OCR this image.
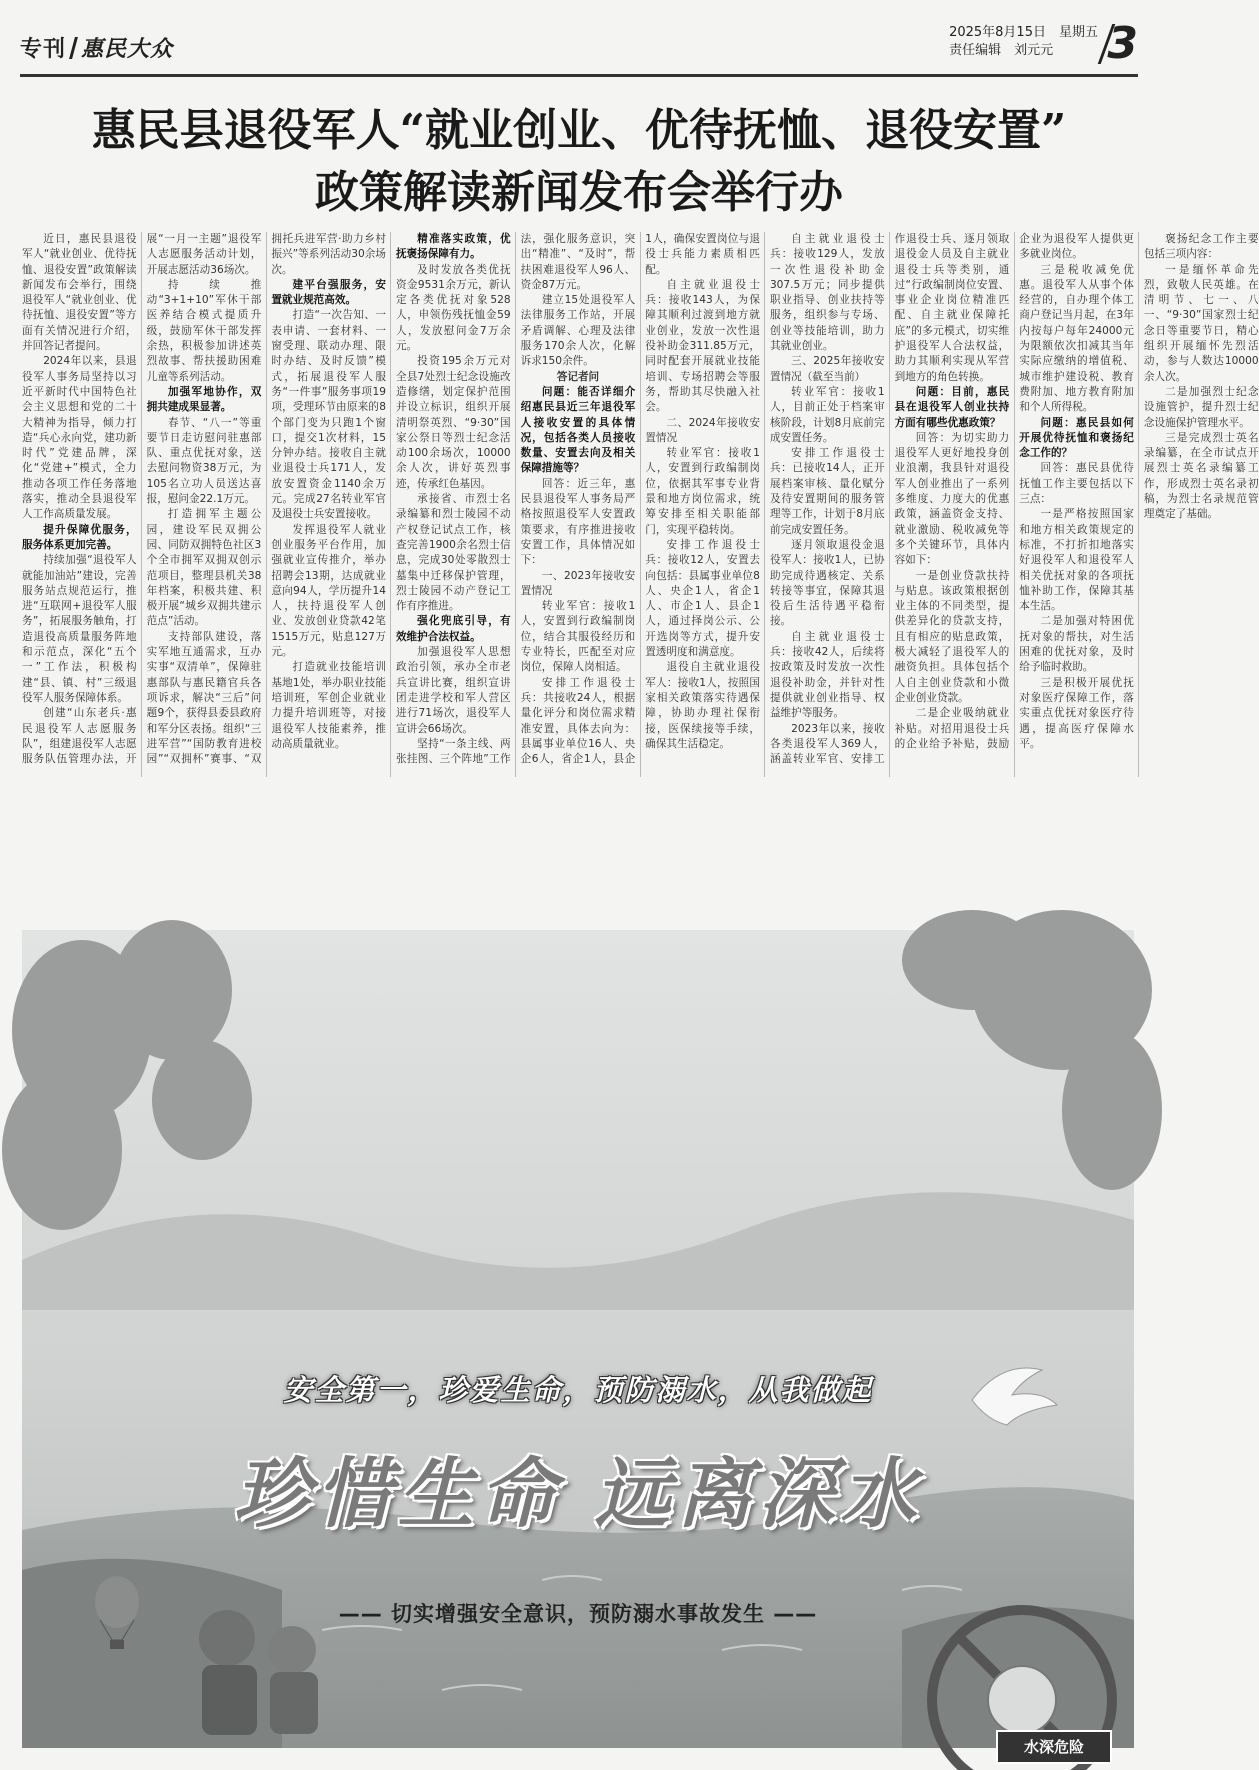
专刊 惠民大众
2025年8月15日　 星期五
责任编辑　刘元元	3
惠民县退役军人“就业创业、优待抚恤、退役安置”
政策解读新闻发布会举行办

近日，惠民县退役军人“就业创业、优待抚恤、退役安置”政策解读新闻发布会举行，围绕退役军人“就业创业、优待抚恤、退役安置”等方面有关情况进行介绍，并回答记者提问。

2024年以来，县退役军人事务局坚持以习近平新时代中国特色社会主义思想和党的二十大精神为指导，倾力打造“兵心永向党，建功新时代”党建品牌，深化“党建+”模式，全力推动各项工作任务落地落实，推动全县退役军人工作高质量发展。

提升保障优服务，服务体系更加完善。

持续加强“退役军人就能加油站”建设，完善服务站点规范运行，推进“互联网+退役军人服务”，拓展服务触角，打造退役高质量服务阵地和示范点，深化“五个一”工作法，积极构建“县、镇、村”三级退役军人服务保障体系。

创建“山东老兵·惠民退役军人志愿服务队”，组建退役军人志愿服务队伍管理办法，开展“一月一主题”退役军人志愿服务活动计划，开展志愿活动36场次。

持续推动“3+1+10”军休干部医养结合模式提质升级，鼓励军休干部发挥余热，积极参加讲述英烈故事、帮扶援助困难儿童等系列活动。

加强军地协作，双拥共建成果显著。

春节、“八一”等重要节日走访慰问驻惠部队、重点优抚对象，送去慰问物资38万元，为105名立功人员送达喜报，慰问金22.1万元。

打造拥军主题公园，建设军民双拥公园、同防双拥特色社区3个全市拥军双拥双创示范项目，整理县机关38年档案，积极共建、积极开展“城乡双拥共建示范点”活动。

支持部队建设，落实军地互通需求，互办实事“双清单”，保障驻惠部队与惠民籍官兵各项诉求，解决“三后”问题9个，获得县委县政府和军分区表扬。组织“三进军营”“国防教育进校园”“双拥杯”赛事、“双拥托兵进军营·助力乡村振兴”等系列活动30余场次。

建平台强服务，安置就业规范高效。

打造“一次告知、一表申请、一套材料、一窗受理、联动办理、限时办结、及时反馈”模式，拓展退役军人服务“一件事”服务事项19项，受理环节由原来的8个部门变为只跑1个窗口，提交1次材料，15分钟办结。接收自主就业退役士兵171人，发放安置资金1140余万元。完成27名转业军官及退役士兵安置接收。

发挥退役军人就业创业服务平台作用，加强就业宣传推介，举办招聘会13期，达成就业意向94人，学历提升14人，扶持退役军人创业、发放创业贷款42笔1515万元，贴息127万元。

打造就业技能培训基地1处，举办职业技能培训班，军创企业就业力提升培训班等，对接退役军人技能素养，推动高质量就业。

精准落实政策，优抚褒扬保障有力。

及时发放各类优抚资金9531余万元，新认定各类优抚对象528人，申领伤残抚恤金59人，发放慰问金7万余元。

投资195余万元对全县7处烈士纪念设施改造修缮，划定保护范围并设立标识，组织开展清明祭英烈、“9·30”国家公祭日等烈士纪念活动100余场次，10000余人次，讲好英烈事迹，传承红色基因。

承接省、市烈士名录编纂和烈士陵园不动产权登记试点工作，核查完善1900余名烈士信息，完成30处零散烈士墓集中迁移保护管理，烈士陵园不动产登记工作有序推进。

强化兜底引导，有效维护合法权益。

加强退役军人思想政治引领，承办全市老兵宣讲比赛，组织宣讲团走进学校和军人营区进行71场次，退役军人宣讲会66场次。

坚持“一条主线、两张挂图、三个阵地”工作法，强化服务意识，突出“精准”、“及时”，帮扶困难退役军人96人、资金87万元。

建立15处退役军人法律服务工作站，开展矛盾调解、心理及法律服务170余人次，化解诉求150余件。

答记者问

问题：能否详细介绍惠民县近三年退役军人接收安置的具体情况，包括各类人员接收数量、安置去向及相关保障措施等？

回答：近三年，惠民县退役军人事务局严格按照退役军人安置政策要求，有序推进接收安置工作，具体情况如下：

一、2023年接收安置情况

转业军官：接收1人，安置到行政编制岗位，结合其服役经历和专业特长，匹配至对应岗位，保障人岗相适。

安排工作退役士兵：共接收24人，根据量化评分和岗位需求精准安置，具体去向为：县属事业单位16人、央企6人，省企1人，县企1人，确保安置岗位与退役士兵能力素质相匹配。

自主就业退役士兵：接收143人，为保障其顺利过渡到地方就业创业，发放一次性退役补助金311.85万元，同时配套开展就业技能培训、专场招聘会等服务，帮助其尽快融入社会。

二、2024年接收安置情况

转业军官：接收1人，安置到行政编制岗位，依据其军事专业背景和地方岗位需求，统筹安排至相关职能部门，实现平稳转岗。

安排工作退役士兵：接收12人，安置去向包括：县属事业单位8人、央企1人，省企1人、市企1人、县企1人，通过择岗公示、公开选岗等方式，提升安置透明度和满意度。

退役自主就业退役军人：接收1人，按照国家相关政策落实待遇保障，协助办理社保衔接，医保续接等手续，确保其生活稳定。

自主就业退役士兵：接收129人，发放一次性退役补助金307.5万元；同步提供职业指导、创业扶持等服务，组织参与专场、创业等技能培训，助力其就业创业。

三、2025年接收安置情况（截至当前）

转业军官：接收1人，目前正处于档案审核阶段，计划8月底前完成安置任务。

安排工作退役士兵：已接收14人，正开展档案审核、量化赋分及待安置期间的服务管理等工作，计划于8月底前完成安置任务。

逐月领取退役金退役军人：接收1人，已协助完成待遇核定、关系转接等事宜，保障其退役后生活待遇平稳衔接。

自主就业退役士兵：接收42人，后续将按政策及时发放一次性退役补助金，并针对性提供就业创业指导、权益维护等服务。

2023年以来，接收各类退役军人369人，涵盖转业军官、安排工作退役士兵、逐月领取退役金人员及自主就业退役士兵等类别，通过“行政编制岗位安置、事业企业岗位精准匹配、自主就业保障托底”的多元模式，切实维护退役军人合法权益，助力其顺利实现从军营到地方的角色转换。

问题：目前，惠民县在退役军人创业扶持方面有哪些优惠政策？

回答：为切实助力退役军人更好地投身创业浪潮，我县针对退役军人创业推出了一系列多维度、力度大的优惠政策，涵盖资金支持、就业激励、税收减免等多个关键环节，具体内容如下：

一是创业贷款扶持与贴息。该政策根据创业主体的不同类型，提供差异化的贷款支持，且有相应的贴息政策，极大减轻了退役军人的融资负担。具体包括个人自主创业贷款和小微企业创业贷款。

二是企业吸纳就业补贴。对招用退役士兵的企业给予补贴，鼓励企业为退役军人提供更多就业岗位。

三是税收减免优惠。退役军人从事个体经营的，自办理个体工商户登记当月起，在3年内按每户每年24000元为限额依次扣减其当年实际应缴纳的增值税、城市维护建设税、教育费附加、地方教育附加和个人所得税。

问题：惠民县如何开展优待抚恤和褒扬纪念工作的？

回答：惠民县优待抚恤工作主要包括以下三点：

一是严格按照国家和地方相关政策规定的标准，不打折扣地落实好退役军人和退役军人相关优抚对象的各项抚恤补助工作，保障其基本生活。

二是加强对特困优抚对象的帮扶，对生活困难的优抚对象，及时给予临时救助。

三是积极开展优抚对象医疗保障工作，落实重点优抚对象医疗待遇，提高医疗保障水平。

褒扬纪念工作主要包括三项内容：

一是缅怀革命先烈，致敬人民英雄。在清明节、七一、八一、“9·30”国家烈士纪念日等重要节日，精心组织开展缅怀先烈活动，参与人数达10000余人次。

二是加强烈士纪念设施管护，提升烈士纪念设施保护管理水平。

三是完成烈士英名录编纂，在全市试点开展烈士英名录编纂工作，形成烈士英名录初稿，为烈士名录规范管理奠定了基础。

安全第一，珍爱生命，预防溺水，从我做起
珍惜生命 远离深水
—— 切实增强安全意识，预防溺水事故发生 ——
水深危险
